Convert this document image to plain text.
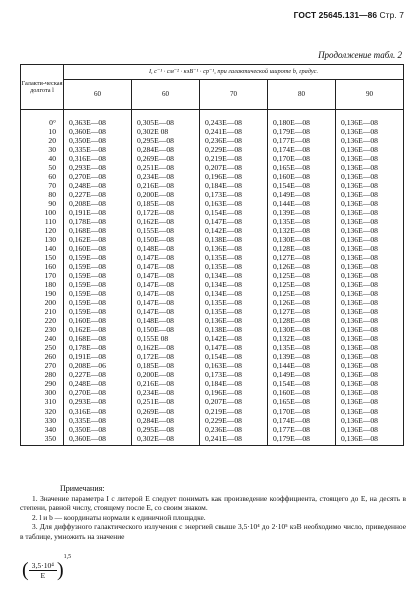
ГОСТ 25645.131—86 Стр. 7
Продолжение табл. 2
Галакти-ческая долгота l	I, с⁻¹ · см⁻² · кэВ⁻¹ · ср⁻¹, при галактической широте b, градус.				
	60	60	70	80	90
0°	0,363E—08	0,305E—08	0,243E—08	0,180E—08	0,136E—08
10	0,360E—08	0,302E 08	0,241E—08	0,179E—08	0,136E—08
20	0,350E—08	0,295E—08	0,236E—08	0,177E—08	0,136E—08
30	0,335E—08	0,284E—08	0,229E—08	0,174E—08	0,136E—08
40	0,316E—08	0,269E—08	0,219E—08	0,170E—08	0,136E—08
50	0,293E—08	0,251E—08	0,207E—08	0,165E—08	0,136E—08
60	0,270E—08	0,234E—08	0,196E—08	0,160E—08	0,136E—08
70	0,248E—08	0,216E—08	0,184E—08	0,154E—08	0,136E—08
80	0,227E—08	0,200E—08	0,173E—08	0,149E—08	0,136E—08
90	0,208E—08	0,185E—08	0,163E—08	0,144E—08	0,136E—08
100	0,191E—08	0,172E—08	0,154E—08	0,139E—08	0,136E—08
110	0,178E—08	0,162E—08	0,147E—08	0,135E—08	0,136E—08
120	0,168E—08	0,155E—08	0,142E—08	0,132E—08	0,136E—08
130	0,162E—08	0,150E—08	0,138E—08	0,130E—08	0,136E—08
140	0,160E—08	0,148E—08	0,136E—08	0,128E—08	0,136E—08
150	0,159E—08	0,147E—08	0,135E—08	0,127E—08	0,136E—08
160	0,159E—08	0,147E—08	0,135E—08	0,126E—08	0,136E—08
170	0,159E—08	0,147E—08	0,134E—08	0,125E—08	0,136E—08
180	0,159E—08	0,147E—08	0,134E—08	0,125E—08	0,136E—08
190	0,159E—08	0,147E—08	0,134E—08	0,125E—08	0,136E—08
200	0,159E—08	0,147E—08	0,135E—08	0,126E—08	0,136E—08
210	0,159E—08	0,147E—08	0,135E—08	0,127E—08	0,136E—08
220	0,160E—08	0,148E—08	0,136E—08	0,128E—08	0,136E—08
230	0,162E—08	0,150E—08	0,138E—08	0,130E—08	0,136E—08
240	0,168E—08	0,155E 08	0,142E—08	0,132E—08	0,136E—08
250	0,178E—08	0,162E—08	0,147E—08	0,135E—08	0,136E—08
260	0,191E—08	0,172E—08	0,154E—08	0,139E—08	0,136E—08
270	0,208E—06	0,185E—08	0,163E—08	0,144E—08	0,136E—08
280	0,227E—08	0,200E—08	0,173E—08	0,149E—08	0,136E—08
290	0,248E—08	0,216E—08	0,184E—08	0,154E—08	0,136E—08
300	0,270E—08	0,234E—08	0,196E—08	0,160E—08	0,136E—08
310	0,293E—08	0,251E—08	0,207E—08	0,165E—08	0,136E—08
320	0,316E—08	0,269E—08	0,219E—08	0,170E—08	0,136E—08
330	0,335E—08	0,284E—08	0,229E—08	0,174E—08	0,136E—08
340	0,350E—08	0,295E—08	0,236E—08	0,177E—08	0,136E—08
350	0,360E—08	0,302E—08	0,241E—08	0,179E—08	0,136E—08
Примечания:

1. Значение параметра I с литерой E следует понимать как произведение коэффициента, стоящего до E, на десять в степени, равной числу, стоящему после E, со своим знаком.

2. l и b — координаты нормали к единичной площадке.

3. Для диффузного галактического излучения с энергией свыше 3,5·10⁴ до 2·10⁵ кэВ необходимо число, приведенное в таблице, умножить на значение

( $\frac{\text{3,5·10⁴}}{E} )^{1,5}$
